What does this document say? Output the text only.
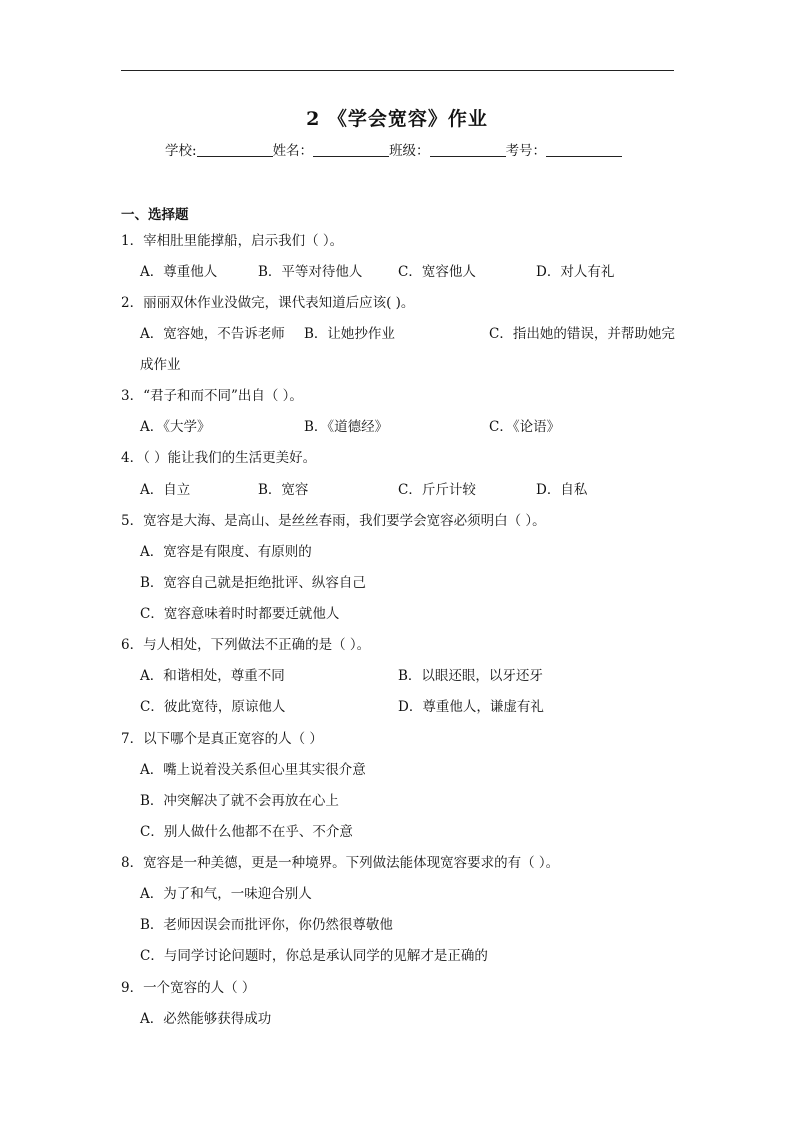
2 《学会宽容》作业
学校:	姓名：	班级：	考号：
一、选择题
1．宰相肚里能撑船，启示我们（ ）。
A．尊重他人	B．平等对待他人	C．宽容他人	D．对人有礼
2．丽丽双休作业没做完，课代表知道后应该( )。
A．宽容她，不告诉老师 B．让她抄作业	C．指出她的错误，并帮助她完
成作业
3．“君子和而不同”出自（ ）。
A．《大学》	B．《道德经》	C．《论语》
4．（ ）能让我们的生活更美好。
A．自立	B．宽容	C．斤斤计较	D．自私
5．宽容是大海、是高山、是丝丝春雨，我们要学会宽容必须明白（ ）。
A．宽容是有限度、有原则的
B．宽容自己就是拒绝批评、纵容自己
C．宽容意味着时时都要迁就他人
6．与人相处，下列做法不正确的是（ ）。
A．和谐相处，尊重不同	B．以眼还眼，以牙还牙
C．彼此宽待，原谅他人	D．尊重他人，谦虚有礼
7．以下哪个是真正宽容的人（ ）
A．嘴上说着没关系但心里其实很介意
B．冲突解决了就不会再放在心上
C．别人做什么他都不在乎、不介意
8．宽容是一种美德，更是一种境界。下列做法能体现宽容要求的有（ ）。
A．为了和气，一味迎合别人
B．老师因误会而批评你，你仍然很尊敬他
C．与同学讨论问题时，你总是承认同学的见解才是正确的
9．一个宽容的人（ ）
A．必然能够获得成功
